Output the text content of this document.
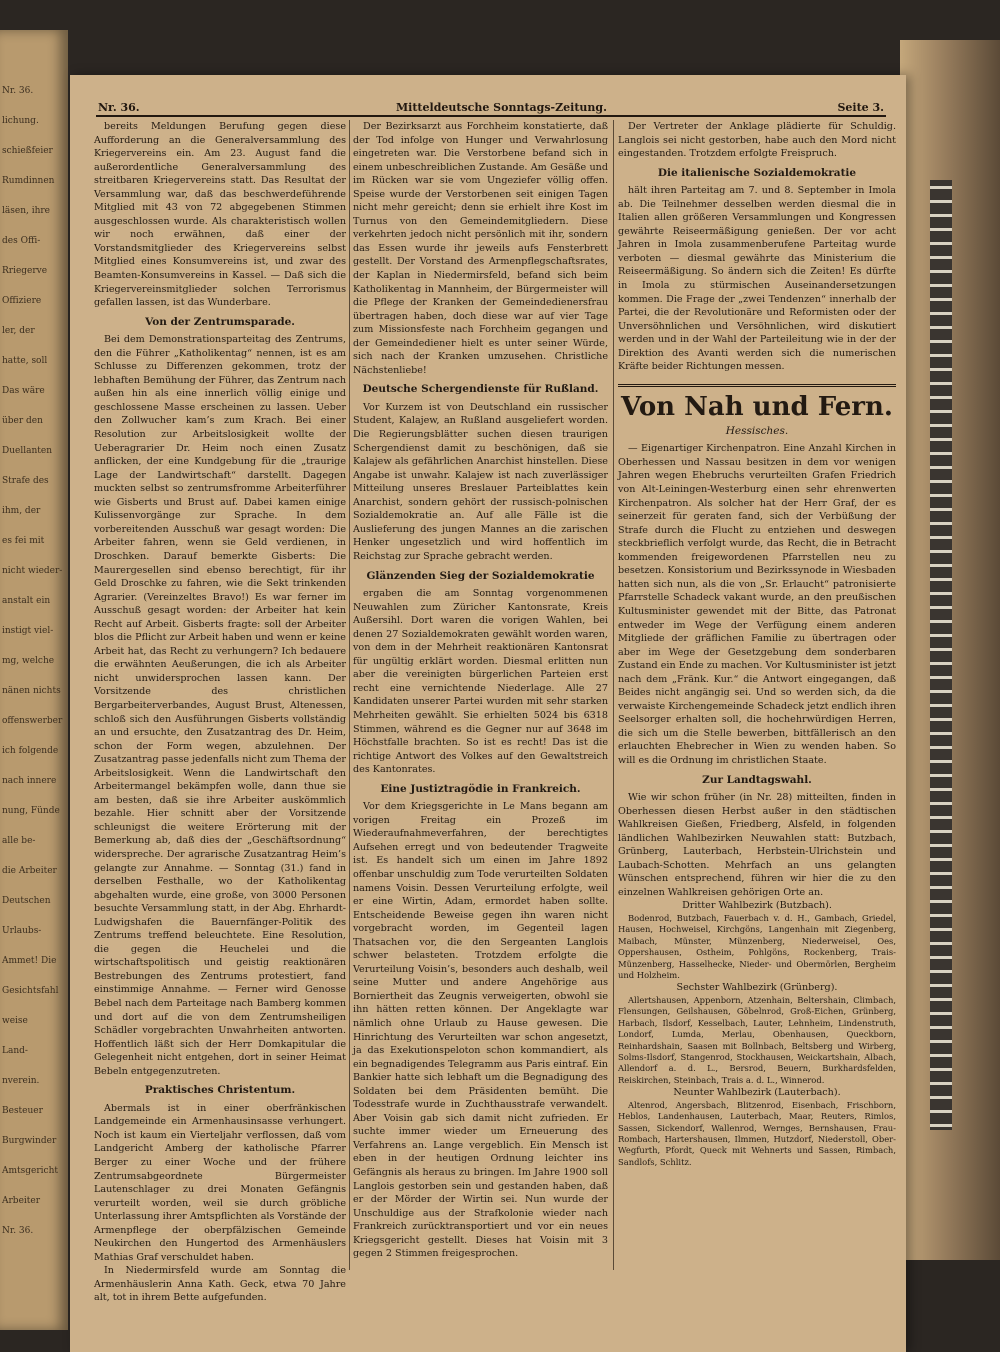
Nr. 36.
lichung.
schießfeier
Rumdinnen
läsen, ihre
des Offi-
Rriegerve
Offiziere
ler, der
hatte, soll
Das wäre
über den
Duellanten
Strafe des
ihm, der
es fei mit
nicht wieder-
anstalt ein
instigt viel-
mg, welche
nänen nichts
offenswerber
ich folgende
nach innere
nung, Fünde
alle be-
die Arbeiter
Deutschen
Urlaubs-
Ammet! Die
Gesichtsfahl
weise
Land-
nverein.
Besteuer
Burgwinder
Amtsgericht
Arbeiter
Nr. 36.
Nr. 36.	Mitteldeutsche Sonntags-Zeitung.	Seite 3.

bereits Meldungen Berufung gegen diese Aufforderung an die Generalversammlung des Kriegervereins ein. Am 23. August fand die außerordentliche Generalversammlung des streitbaren Kriegervereins statt. Das Resultat der Versammlung war, daß das beschwerdeführende Mitglied mit 43 von 72 abgegebenen Stimmen ausgeschlossen wurde. Als charakteristisch wollen wir noch erwähnen, daß einer der Vorstandsmitglieder des Kriegervereins selbst Mitglied eines Konsumvereins ist, und zwar des Beamten-Konsumvereins in Kassel. — Daß sich die Kriegervereinsmitglieder solchen Terrorismus gefallen lassen, ist das Wunderbare.

Von der Zentrumsparade.

Bei dem Demonstrationsparteitag des Zentrums, den die Führer „Katholikentag“ nennen, ist es am Schlusse zu Differenzen gekommen, trotz der lebhaften Bemühung der Führer, das Zentrum nach außen hin als eine innerlich völlig einige und geschlossene Masse erscheinen zu lassen. Ueber den Zollwucher kam’s zum Krach. Bei einer Resolution zur Arbeitslosigkeit wollte der Ueberagrarier Dr. Heim noch einen Zusatz anflicken, der eine Kundgebung für die „traurige Lage der Landwirtschaft“ darstellt. Dagegen muckten selbst so zentrumsfromme Arbeiterführer wie Gisberts und Brust auf. Dabei kamen einige Kulissenvorgänge zur Sprache. In dem vorbereitenden Ausschuß war gesagt worden: Die Arbeiter fahren, wenn sie Geld verdienen, in Droschken. Darauf bemerkte Gisberts: Die Maurergesellen sind ebenso berechtigt, für ihr Geld Droschke zu fahren, wie die Sekt trinkenden Agrarier. (Vereinzeltes Bravo!) Es war ferner im Ausschuß gesagt worden: der Arbeiter hat kein Recht auf Arbeit. Gisberts fragte: soll der Arbeiter blos die Pflicht zur Arbeit haben und wenn er keine Arbeit hat, das Recht zu verhungern? Ich bedauere die erwähnten Aeußerungen, die ich als Arbeiter nicht unwidersprochen lassen kann. Der Vorsitzende des christlichen Bergarbeiterverbandes, August Brust, Altenessen, schloß sich den Ausführungen Gisberts vollständig an und ersuchte, den Zusatzantrag des Dr. Heim, schon der Form wegen, abzulehnen. Der Zusatzantrag passe jedenfalls nicht zum Thema der Arbeitslosigkeit. Wenn die Landwirtschaft den Arbeitermangel bekämpfen wolle, dann thue sie am besten, daß sie ihre Arbeiter auskömmlich bezahle. Hier schnitt aber der Vorsitzende schleunigst die weitere Erörterung mit der Bemerkung ab, daß dies der „Geschäftsordnung“ widerspreche. Der agrarische Zusatzantrag Heim’s gelangte zur Annahme. — Sonntag (31.) fand in derselben Festhalle, wo der Katholikentag abgehalten wurde, eine große, von 3000 Personen besuchte Versammlung statt, in der Abg. Ehrhardt-Ludwigshafen die Bauernfänger-Politik des Zentrums treffend beleuchtete. Eine Resolution, die gegen die Heuchelei und die wirtschaftspolitisch und geistig reaktionären Bestrebungen des Zentrums protestiert, fand einstimmige Annahme. — Ferner wird Genosse Bebel nach dem Parteitage nach Bamberg kommen und dort auf die von dem Zentrumsheiligen Schädler vorgebrachten Unwahrheiten antworten. Hoffentlich läßt sich der Herr Domkapitular die Gelegenheit nicht entgehen, dort in seiner Heimat Bebeln entgegenzutreten.

Praktisches Christentum.

Abermals ist in einer oberfränkischen Landgemeinde ein Armenhausinsasse verhungert. Noch ist kaum ein Vierteljahr verflossen, daß vom Landgericht Amberg der katholische Pfarrer Berger zu einer Woche und der frühere Zentrumsabgeordnete Bürgermeister Lautenschlager zu drei Monaten Gefängnis verurteilt worden, weil sie durch gröbliche Unterlassung ihrer Amtspflichten als Vorstände der Armenpflege der oberpfälzischen Gemeinde Neukirchen den Hungertod des Armenhäuslers Mathias Graf verschuldet haben.

In Niedermirsfeld wurde am Sonntag die Armenhäuslerin Anna Kath. Geck, etwa 70 Jahre alt, tot in ihrem Bette aufgefunden.

Der Bezirksarzt aus Forchheim konstatierte, daß der Tod infolge von Hunger und Verwahrlosung eingetreten war. Die Verstorbene befand sich in einem unbeschreiblichen Zustande. Am Gesäße und im Rücken war sie vom Ungeziefer völlig offen. Speise wurde der Verstorbenen seit einigen Tagen nicht mehr gereicht; denn sie erhielt ihre Kost im Turnus von den Gemeindemitgliedern. Diese verkehrten jedoch nicht persönlich mit ihr, sondern das Essen wurde ihr jeweils aufs Fensterbrett gestellt. Der Vorstand des Armenpflegschaftsrates, der Kaplan in Niedermirsfeld, befand sich beim Katholikentag in Mannheim, der Bürgermeister will die Pflege der Kranken der Gemeindedienersfrau übertragen haben, doch diese war auf vier Tage zum Missionsfeste nach Forchheim gegangen und der Gemeindediener hielt es unter seiner Würde, sich nach der Kranken umzusehen. Christliche Nächstenliebe!

Deutsche Schergendienste für Rußland.

Vor Kurzem ist von Deutschland ein russischer Student, Kalajew, an Rußland ausgeliefert worden. Die Regierungsblätter suchen diesen traurigen Schergendienst damit zu beschönigen, daß sie Kalajew als gefährlichen Anarchist hinstellen. Diese Angabe ist unwahr. Kalajew ist nach zuverlässiger Mitteilung unseres Breslauer Parteiblattes kein Anarchist, sondern gehört der russisch-polnischen Sozialdemokratie an. Auf alle Fälle ist die Auslieferung des jungen Mannes an die zarischen Henker ungesetzlich und wird hoffentlich im Reichstag zur Sprache gebracht werden.

Glänzenden Sieg der Sozialdemokratie

ergaben die am Sonntag vorgenommenen Neuwahlen zum Züricher Kantonsrate, Kreis Außersihl. Dort waren die vorigen Wahlen, bei denen 27 Sozialdemokraten gewählt worden waren, von dem in der Mehrheit reaktionären Kantonsrat für ungültig erklärt worden. Diesmal erlitten nun aber die vereinigten bürgerlichen Parteien erst recht eine vernichtende Niederlage. Alle 27 Kandidaten unserer Partei wurden mit sehr starken Mehrheiten gewählt. Sie erhielten 5024 bis 6318 Stimmen, während es die Gegner nur auf 3648 im Höchstfalle brachten. So ist es recht! Das ist die richtige Antwort des Volkes auf den Gewaltstreich des Kantonrates.

Eine Justiztragödie in Frankreich.

Vor dem Kriegsgerichte in Le Mans begann am vorigen Freitag ein Prozeß im Wiederaufnahmeverfahren, der berechtigtes Aufsehen erregt und von bedeutender Tragweite ist. Es handelt sich um einen im Jahre 1892 offenbar unschuldig zum Tode verurteilten Soldaten namens Voisin. Dessen Verurteilung erfolgte, weil er eine Wirtin, Adam, ermordet haben sollte. Entscheidende Beweise gegen ihn waren nicht vorgebracht worden, im Gegenteil lagen Thatsachen vor, die den Sergeanten Langlois schwer belasteten. Trotzdem erfolgte die Verurteilung Voisin’s, besonders auch deshalb, weil seine Mutter und andere Angehörige aus Borniertheit das Zeugnis verweigerten, obwohl sie ihn hätten retten können. Der Angeklagte war nämlich ohne Urlaub zu Hause gewesen. Die Hinrichtung des Verurteilten war schon angesetzt, ja das Exekutionspeloton schon kommandiert, als ein begnadigendes Telegramm aus Paris eintraf. Ein Bankier hatte sich lebhaft um die Begnadigung des Soldaten bei dem Präsidenten bemüht. Die Todesstrafe wurde in Zuchthausstrafe verwandelt. Aber Voisin gab sich damit nicht zufrieden. Er suchte immer wieder um Erneuerung des Verfahrens an. Lange vergeblich. Ein Mensch ist eben in der heutigen Ordnung leichter ins Gefängnis als heraus zu bringen. Im Jahre 1900 soll Langlois gestorben sein und gestanden haben, daß er der Mörder der Wirtin sei. Nun wurde der Unschuldige aus der Strafkolonie wieder nach Frankreich zurücktransportiert und vor ein neues Kriegsgericht gestellt. Dieses hat Voisin mit 3 gegen 2 Stimmen freigesprochen.

Der Vertreter der Anklage plädierte für Schuldig. Langlois sei nicht gestorben, habe auch den Mord nicht eingestanden. Trotzdem erfolgte Freispruch.

Die italienische Sozialdemokratie

hält ihren Parteitag am 7. und 8. September in Imola ab. Die Teilnehmer desselben werden diesmal die in Italien allen größeren Versammlungen und Kongressen gewährte Reiseermäßigung genießen. Der vor acht Jahren in Imola zusammenberufene Parteitag wurde verboten — diesmal gewährte das Ministerium die Reiseermäßigung. So ändern sich die Zeiten! Es dürfte in Imola zu stürmischen Auseinandersetzungen kommen. Die Frage der „zwei Tendenzen“ innerhalb der Partei, die der Revolutionäre und Reformisten oder der Unversöhnlichen und Versöhnlichen, wird diskutiert werden und in der Wahl der Parteileitung wie in der der Direktion des Avanti werden sich die numerischen Kräfte beider Richtungen messen.

Von Nah und Fern.
Hessisches.

— Eigenartiger Kirchenpatron. Eine Anzahl Kirchen in Oberhessen und Nassau besitzen in dem vor wenigen Jahren wegen Ehebruchs verurteilten Grafen Friedrich von Alt-Leiningen-Westerburg einen sehr ehrenwerten Kirchenpatron. Als solcher hat der Herr Graf, der es seinerzeit für geraten fand, sich der Verbüßung der Strafe durch die Flucht zu entziehen und deswegen steckbrieflich verfolgt wurde, das Recht, die in Betracht kommenden freigewordenen Pfarrstellen neu zu besetzen. Konsistorium und Bezirkssynode in Wiesbaden hatten sich nun, als die von „Sr. Erlaucht“ patronisierte Pfarrstelle Schadeck vakant wurde, an den preußischen Kultusminister gewendet mit der Bitte, das Patronat entweder im Wege der Verfügung einem anderen Mitgliede der gräflichen Familie zu übertragen oder aber im Wege der Gesetzgebung dem sonderbaren Zustand ein Ende zu machen. Vor Kultusminister ist jetzt nach dem „Fränk. Kur.“ die Antwort eingegangen, daß Beides nicht angängig sei. Und so werden sich, da die verwaiste Kirchengemeinde Schadeck jetzt endlich ihren Seelsorger erhalten soll, die hochehrwürdigen Herren, die sich um die Stelle bewerben, bittfällerisch an den erlauchten Ehebrecher in Wien zu wenden haben. So will es die Ordnung im christlichen Staate.

Zur Landtagswahl.

Wie wir schon früher (in Nr. 28) mitteilten, finden in Oberhessen diesen Herbst außer in den städtischen Wahlkreisen Gießen, Friedberg, Alsfeld, in folgenden ländlichen Wahlbezirken Neuwahlen statt: Butzbach, Grünberg, Lauterbach, Herbstein-Ulrichstein und Laubach-Schotten. Mehrfach an uns gelangten Wünschen entsprechend, führen wir hier die zu den einzelnen Wahlkreisen gehörigen Orte an.

Dritter Wahlbezirk (Butzbach).

Bodenrod, Butzbach, Fauerbach v. d. H., Gambach, Griedel, Hausen, Hochweisel, Kirchgöns, Langenhain mit Ziegenberg, Maibach, Münster, Münzenberg, Niederweisel, Oes, Oppershausen, Ostheim, Pohlgöns, Rockenberg, Trais-Münzenberg, Hasselhecke, Nieder- und Obermörlen, Bergheim und Holzheim.

Sechster Wahlbezirk (Grünberg).

Allertshausen, Appenborn, Atzenhain, Beltershain, Climbach, Flensungen, Geilshausen, Göbelnrod, Groß-Eichen, Grünberg, Harbach, Ilsdorf, Kesselbach, Lauter, Lehnheim, Lindenstruth, Londorf, Lumda, Merlau, Obenhausen, Queckborn, Reinhardshain, Saasen mit Bollnbach, Beltsberg und Wirberg, Solms-Ilsdorf, Stangenrod, Stockhausen, Weickartshain, Albach, Allendorf a. d. L., Bersrod, Beuern, Burkhardsfelden, Reiskirchen, Steinbach, Trais a. d. L., Winnerod.

Neunter Wahlbezirk (Lauterbach).

Altenrod, Angersbach, Blitzenrod, Eisenbach, Frischborn, Heblos, Landenhausen, Lauterbach, Maar, Reuters, Rimlos, Sassen, Sickendorf, Wallenrod, Wernges, Bernshausen, Frau-Rombach, Hartershausen, Ilmmen, Hutzdorf, Niederstoll, Ober-Wegfurth, Pfordt, Queck mit Wehnerts und Sassen, Rimbach, Sandlofs, Schlitz.
